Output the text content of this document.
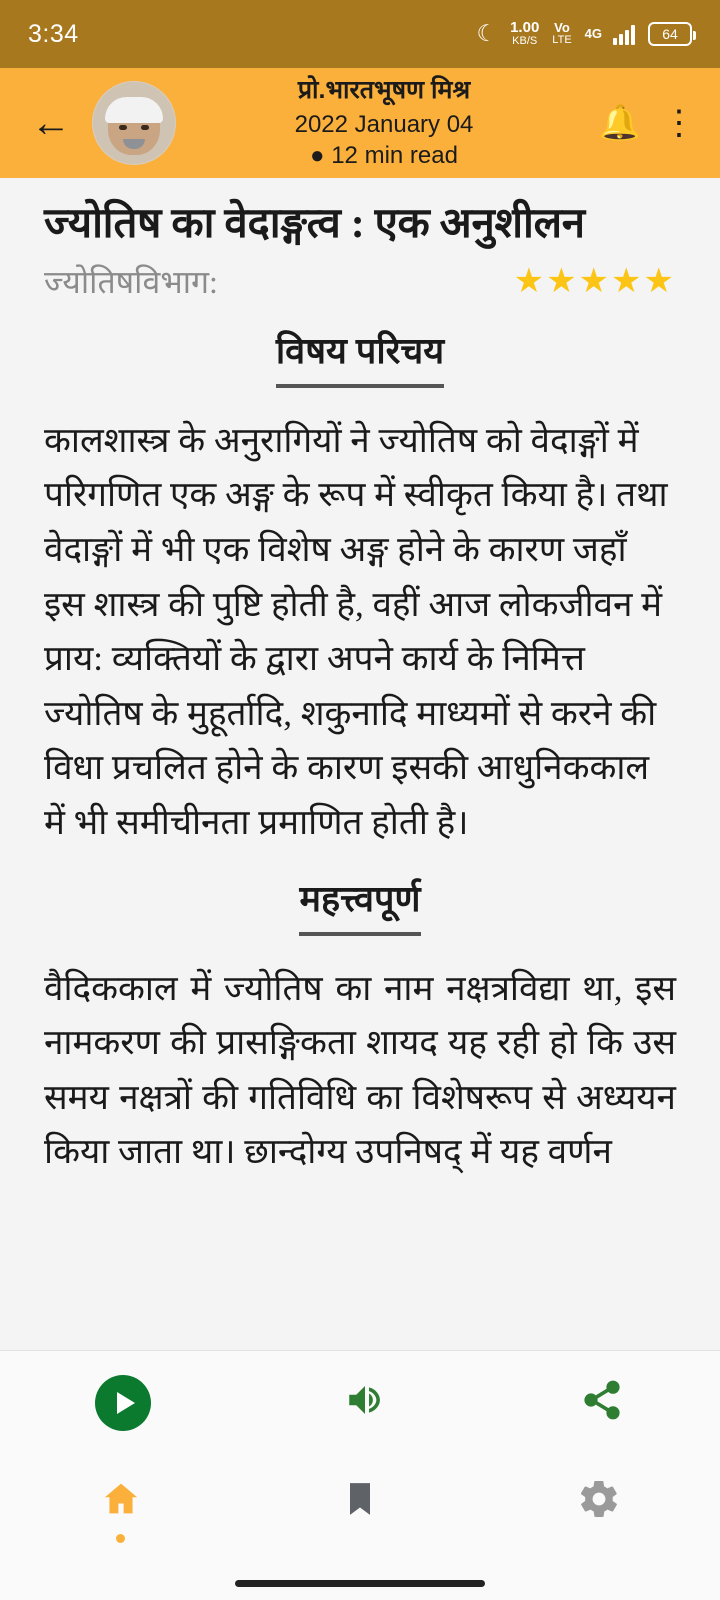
3:34	☾ 1.00
KB/S
Vo
LTE 4G	64
←
प्रो.भारतभूषण मिश्र
2022 January 04
● 12 min read
🔔 ⋮
ज्योतिष का वेदाङ्गत्व : एक अनुशीलन
ज्योतिषविभाग:	★★★★★
विषय परिचय

कालशास्त्र के अनुरागियों ने ज्योतिष को वेदाङ्गों में परिगणित एक अङ्ग के रूप में स्वीकृत किया है। तथा वेदाङ्गों में भी एक विशेष अङ्ग होने के कारण जहाँ इस शास्त्र की पुष्टि होती है, वहीं आज लोकजीवन में प्राय: व्यक्तियों के द्वारा अपने कार्य के निमित्त ज्योतिष के मुहूर्तादि, शकुनादि माध्यमों से करने की विधा प्रचलित होने के कारण इसकी आधुनिककाल में भी समीचीनता प्रमाणित होती है।

महत्त्वपूर्ण

वैदिककाल में ज्योतिष का नाम नक्षत्रविद्या था, इस नामकरण की प्रासङ्गिकता शायद यह रही हो कि उस समय नक्षत्रों की गतिविधि का विशेषरूप से अध्ययन किया जाता था। छान्दोग्य उपनिषद् में यह वर्णन
